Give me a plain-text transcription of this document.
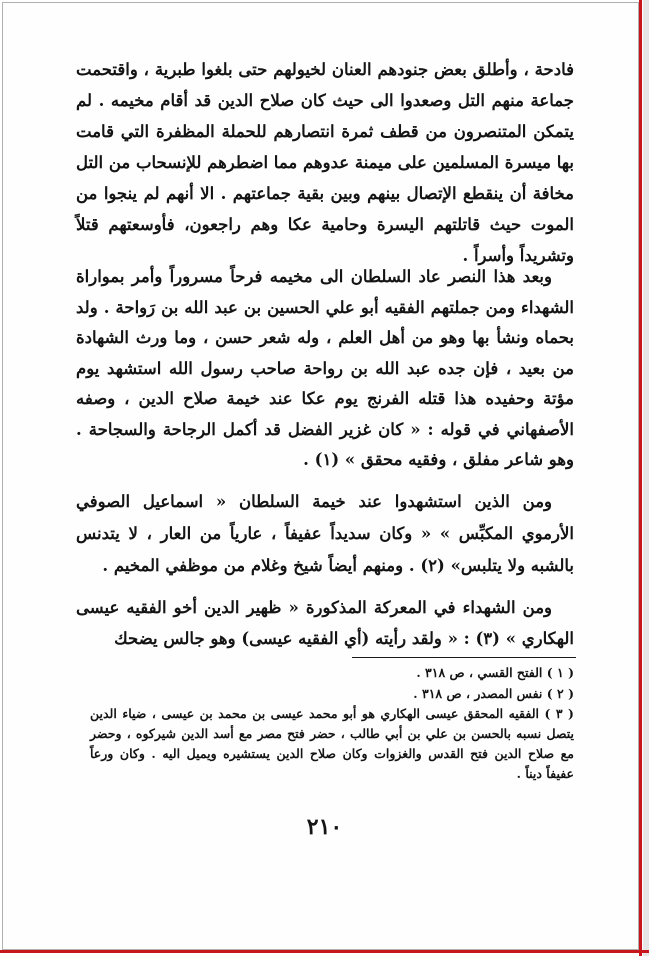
فادحة ، وأطلق بعض جنودهم العنان لخيولهم حتى بلغوا طبرية ، واقتحمت جماعة منهم التل وصعدوا الى حيث كان صلاح الدين قد أقام مخيمه . لم يتمكن المتنصرون من قطف ثمرة انتصارهم للحملة المظفرة التي قامت بها ميسرة المسلمين على ميمنة عدوهم مما اضطرهم للإنسحاب من التل مخافة أن ينقطع الإتصال بينهم وبين بقية جماعتهم . الا أنهم لم ينجوا من الموت حيث قاتلتهم اليسرة وحامية عكا وهم راجعون، فأوسعتهم قتلاً وتشريداً وأسراً .
وبعد هذا النصر عاد السلطان الى مخيمه فرحاً مسروراً وأمر بمواراة الشهداء ومن جملتهم الفقيه أبو علي الحسين بن عبد الله بن رَواحة . ولد بحماه ونشأ بها وهو من أهل العلم ، وله شعر حسن ، وما ورث الشهادة من بعيد ، فإن جده عبد الله بن رواحة صاحب رسول الله استشهد يوم مؤتة وحفيده هذا قتله الفرنج يوم عكا عند خيمة صلاح الدين ، وصفه الأصفهاني في قوله : « كان غزير الفضل قد أكمل الرجاحة والسجاحة . وهو شاعر مفلق ، وفقيه محقق » (١) .
ومن الذين استشهدوا عند خيمة السلطان « اسماعيل الصوفي الأرموي المكبِّس » « وكان سديداً عفيفاً ، عارياً من العار ، لا يتدنس بالشبه ولا يتلبس» (٢) . ومنهم أيضاً شيخ وغلام من موظفي المخيم .
ومن الشهداء في المعركة المذكورة « ظهير الدين أخو الفقيه عيسى الهكاري » (٣) : « ولقد رأيته (أي الفقيه عيسى) وهو جالس يضحك
( ١ ) الفتح القسي ، ص ٣١٨ .
( ٢ ) نفس المصدر ، ص ٣١٨ .
( ٣ ) الفقيه المحقق عيسى الهكاري هو أبو محمد عيسى بن محمد بن عيسى ، ضياء الدين يتصل نسبه بالحسن بن علي بن أبي طالب ، حضر فتح مصر مع أسد الدين شيركوه ، وحضر مع صلاح الدين فتح القدس والغزوات وكان صلاح الدين يستشيره ويميل اليه . وكان ورعاً عفيفاً ديناً .
٢١٠
